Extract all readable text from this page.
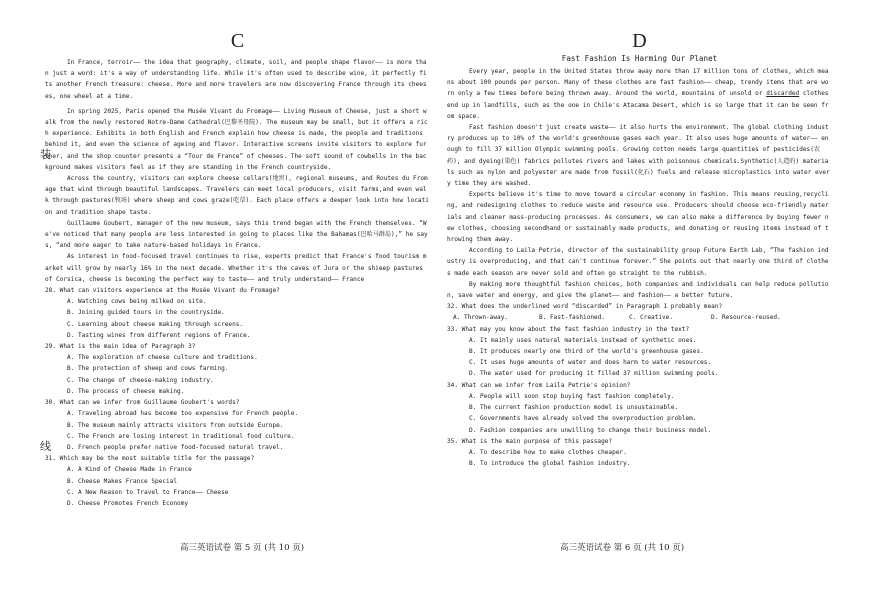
装
线
C

In France, terroir—— the idea that geography, climate, soil, and people shape flavor—— is more than just a word: it's a way of understanding life. While it's often used to describe wine, it perfectly fits another French treasure: cheese. More and more travelers are now discovering France through its cheeses, one wheel at a time.

In spring 2025, Paris opened the Musée Vivant du Fromage—— Living Museum of Cheese, just a short walk from the newly restored Notre-Dame Cathedral(巴黎圣母院). The museum may be small, but it offers a rich experience. Exhibits in both English and French explain how cheese is made, the people and traditions behind it, and even the science of ageing and flavor. Interactive screens invite visitors to explore further, and the shop counter presents a “Tour de France” of cheeses. The soft sound of cowbells in the background makes visitors feel as if they are standing in the French countryside.

Across the country, visitors can explore cheese cellars(地窖), regional museums, and Routes du Fromage that wind through beautiful landscapes. Travelers can meet local producers, visit farms,and even walk through pastures(牧场) where sheep and cows graze(吃草). Each place offers a deeper look into how location and tradition shape taste.

Guillaume Goubert, manager of the new museum, says this trend began with the French themselves. “We've noticed that many people are less interested in going to places like the Bahamas(巴哈马群岛),” he says, “and more eager to take nature-based holidays in France.

As interest in food-focused travel continues to rise, experts predict that France's food tourism market will grow by nearly 16% in the next decade. Whether it's the caves of Jura or the shieep pastures of Corsica, cheese is becoming the perfect way to taste—— and truly understand—— France

28. What can visitors experience at the Musée Vivant du Fromage?

A. Watching cows being milked on site.

B. Joining guided tours in the countryside.

C. Learning about cheese making through screens.

D. Tasting wines from different regions of France.

29. What is the main idea of Paragraph 3?

A. The exploration of cheese culture and traditions.

B. The protection of sheep and cows farming.

C. The change of cheese-making industry.

D. The process of cheese making.

30. What can we infer from Guillaume Goubert's words?

A. Traveling abroad has become too expensive for French people.

B. The museum mainly attracts visitors from outside Europe.

C. The French are losing interest in traditional food culture.

D. French people prefer native food-focused natural travel.

31. Which may be the most suitable title for the passage?

A. A Kind of Cheese Made in France

B. Cheese Makes France Special

C. A New Reason to Travel to France—— Cheese

D. Cheese Promotes French Economy

D
Fast Fashion Is Harming Our Planet

Every year, people in the United States throw away more than 17 million tons of clothes, which means about 100 pounds per person. Many of these clothes are fast fashion—— cheap, trendy items that are worn only a few times before being thrown away. Around the world, mountains of unsold or discarded clothes end up in landfills, such as the one in Chile's Atacama Desert, which is so large that it can be seen from space.

Fast fashion doesn't just create waste—— it also hurts the environment. The global clothing industry produces up to 10% of the world's greenhouse gases each year. It also uses huge amounts of water—— enough to fill 37 million Olympic swimming pools. Growing cotton needs large quantities of pesticides(农药), and dyeing(染色) fabrics pollutes rivers and lakes with poisonous chemicals.Synthetic(人造的) materials such as nylon and polyester are made from fossil(化石) fuels and release microplastics into water every time they are washed.

Experts believe it's time to move toward a circular economy in fashion. This means reusing,recycling, and redesigning clothes to reduce waste and resource use. Producers should choose eco-friendly materials and cleaner mass-producing processes. As consumers, we can also make a difference by buying fewer new clothes, choosing secondhand or sustainably made products, and donating or reusing items instead of throwing them away.

According to Laila Petrie, director of the sustainability group Future Earth Lab, “The fashion industry is overproducing, and that can't continue forever.” She points out that nearly one third of clothes made each season are never sold and often go straight to the rubbish.

By making more thoughtful fashion choices, both companies and individuals can help reduce pollution, save water and energy, and give the planet—— and fashion—— a better future.

32. What does the underlined word “discarded” in Paragraph 1 probably mean?

A. Thrown-away.	B. Fast-fashioned.	C. Creative.	D. Resource-reused.

33. What may you know about the fast fashion industry in the text?

A. It mainly uses natural materials instead of synthetic ones.

B. It produces nearly one third of the world's greenhouse gases.

C. It uses huge amounts of water and does harm to water resources.

D. The water used for producing it filled 37 million swimming pools.

34. What can we infer from Laila Petrie's opinion?

A. People will soon stop buying fast fashion completely.

B. The current fashion production model is unsustainable.

C. Governments have already solved the overproduction problem.

D. Fashion companies are unwilling to change their business model.

35. What is the main purpose of this passage?

A. To describe how to make clothes cheaper.

B. To introduce the global fashion industry.

高三英语试卷 第 5 页 (共 10 页)	高三英语试卷 第 6 页 (共 10 页)
